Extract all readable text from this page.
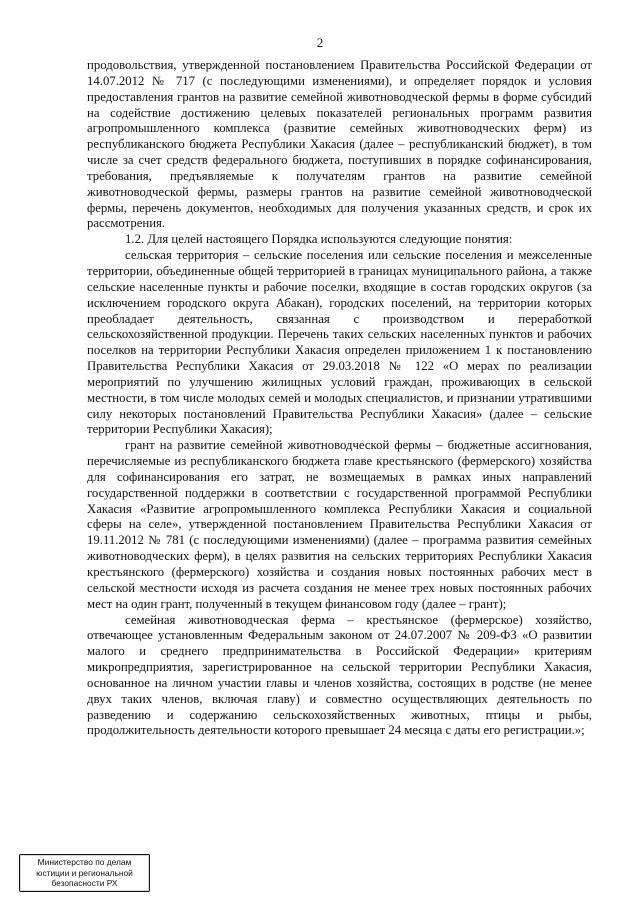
2

продовольствия, утвержденной постановлением Правительства Российской Федерации от 14.07.2012 № 717 (с последующими изменениями), и определяет порядок и условия предоставления грантов на развитие семейной животноводческой фермы в форме субсидий на содействие достижению целевых показателей региональных программ развития агропромышленного комплекса (развитие семейных животноводческих ферм) из республиканского бюджета Республики Хакасия (далее – республиканский бюджет), в том числе за счет средств федерального бюджета, поступивших в порядке софинансирования, требования, предъявляемые к получателям грантов на развитие семейной животноводческой фермы, размеры грантов на развитие семейной животноводческой фермы, перечень документов, необходимых для получения указанных средств, и срок их рассмотрения.

1.2. Для целей настоящего Порядка используются следующие понятия:

сельская территория – сельские поселения или сельские поселения и межселенные территории, объединенные общей территорией в границах муниципального района, а также сельские населенные пункты и рабочие поселки, входящие в состав городских округов (за исключением городского округа Абакан), городских поселений, на территории которых преобладает деятельность, связанная с производством и переработкой сельскохозяйственной продукции. Перечень таких сельских населенных пунктов и рабочих поселков на территории Республики Хакасия определен приложением 1 к постановлению Правительства Республики Хакасия от 29.03.2018 № 122 «О мерах по реализации мероприятий по улучшению жилищных условий граждан, проживающих в сельской местности, в том числе молодых семей и молодых специалистов, и признании утратившими силу некоторых постановлений Правительства Республики Хакасия» (далее – сельские территории Республики Хакасия);

грант на развитие семейной животноводческой фермы – бюджетные ассигнования, перечисляемые из республиканского бюджета главе крестьянского (фермерского) хозяйства для софинансирования его затрат, не возмещаемых в рамках иных направлений государственной поддержки в соответствии с государственной программой Республики Хакасия «Развитие агропромышленного комплекса Республики Хакасия и социальной сферы на селе», утвержденной постановлением Правительства Республики Хакасия от 19.11.2012 № 781 (с последующими изменениями) (далее – программа развития семейных животноводческих ферм), в целях развития на сельских территориях Республики Хакасия крестьянского (фермерского) хозяйства и создания новых постоянных рабочих мест в сельской местности исходя из расчета создания не менее трех новых постоянных рабочих мест на один грант, полученный в текущем финансовом году (далее – грант);

семейная животноводческая ферма – крестьянское (фермерское) хозяйство, отвечающее установленным Федеральным законом от 24.07.2007 № 209-ФЗ «О развитии малого и среднего предпринимательства в Российской Федерации» критериям микропредприятия, зарегистрированное на сельской территории Республики Хакасия, основанное на личном участии главы и членов хозяйства, состоящих в родстве (не менее двух таких членов, включая главу) и совместно осуществляющих деятельность по разведению и содержанию сельскохозяйственных животных, птицы и рыбы, продолжительность деятельности которого превышает 24 месяца с даты его регистрации.»;

Министерство по делам
юстиции и региональной
безопасности РХ
